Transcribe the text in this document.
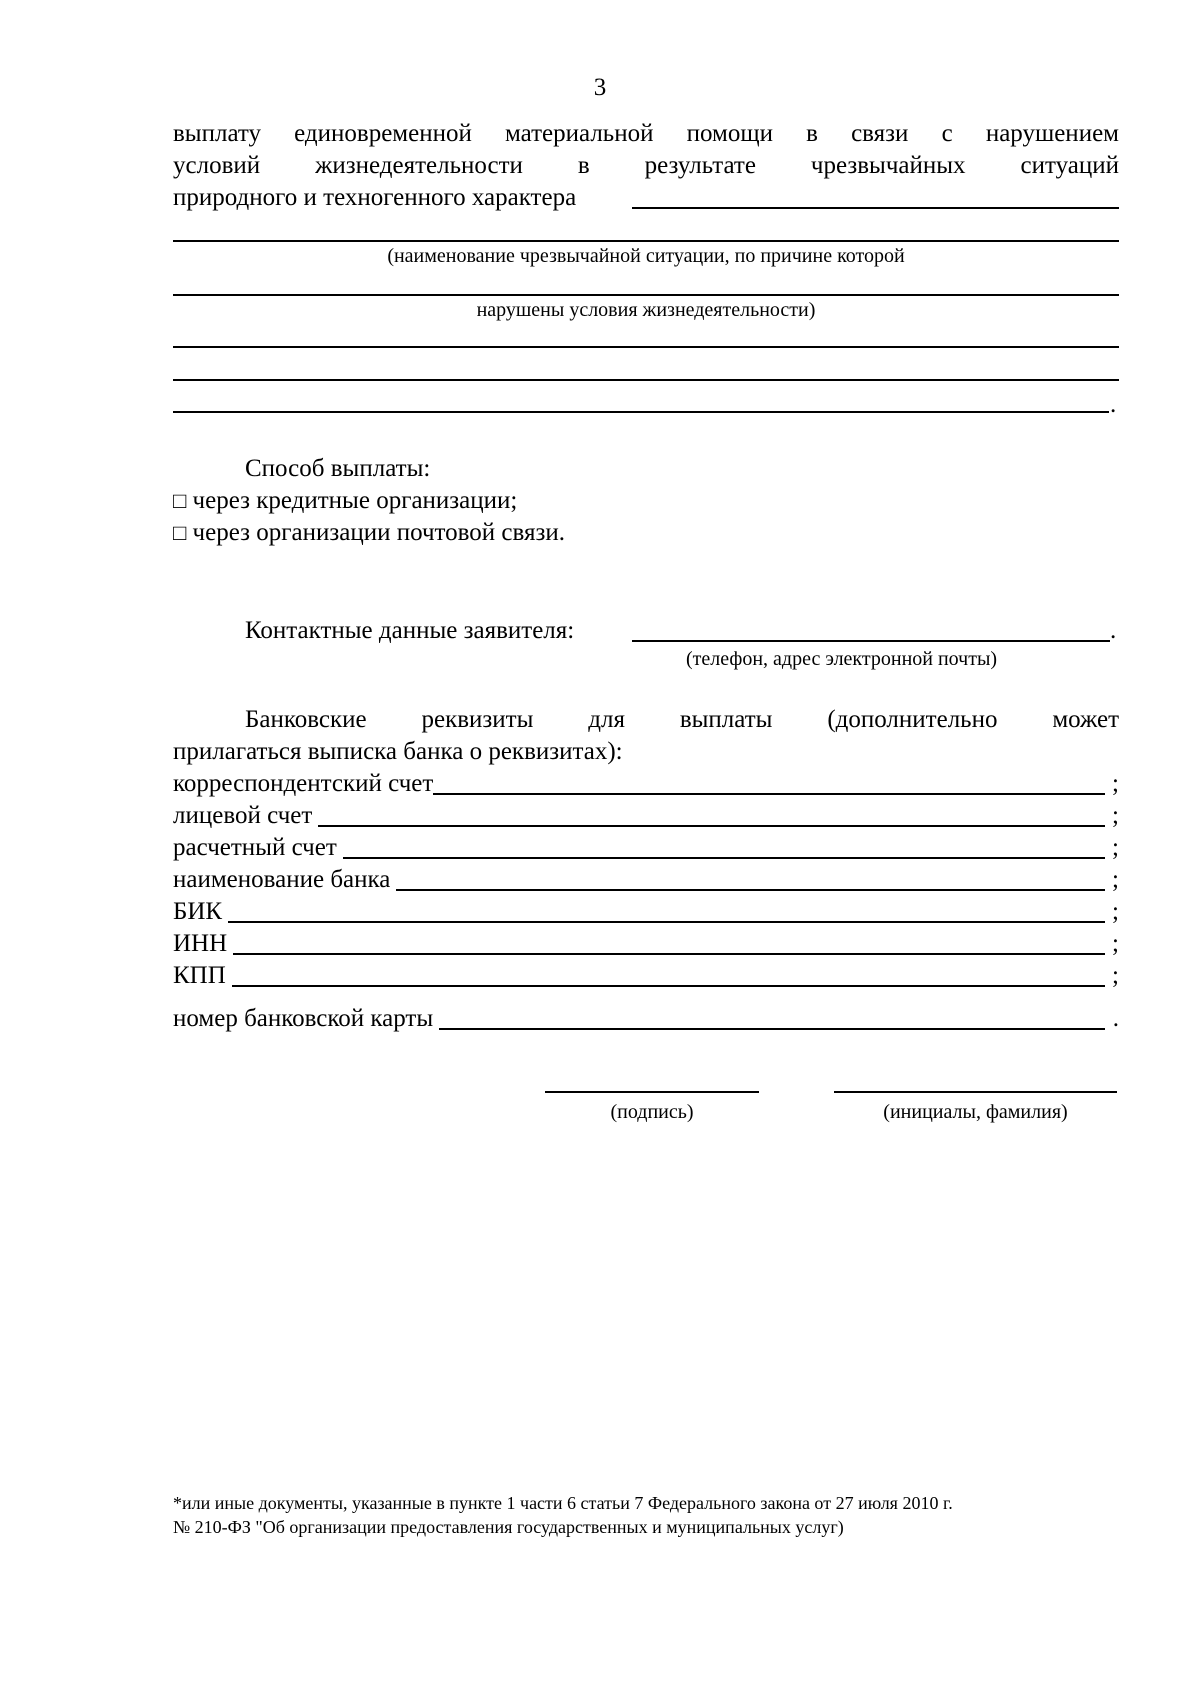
3
выплату единовременной материальной помощи в связи с нарушением
условий жизнедеятельности в результате чрезвычайных ситуаций
природного и техногенного характера
(наименование чрезвычайной ситуации, по причине которой
нарушены условия жизнедеятельности)
.
Способ выплаты:
□ через кредитные организации;
□ через организации почтовой связи.
Контактные данные заявителя:	.
(телефон, адрес электронной почты)
Банковские реквизиты для выплаты (дополнительно может
прилагаться выписка банка о реквизитах):
корреспондентский счет	;
лицевой счет	;
расчетный счет	;
наименование банка	;
БИК	;
ИНН	;
КПП	;
номер банковской карты	.
(подпись)	(инициалы, фамилия)
*или иные документы, указанные в пункте 1 части 6 статьи 7 Федерального закона от 27 июля 2010 г.
№ 210-ФЗ "Об организации предоставления государственных и муниципальных услуг)
